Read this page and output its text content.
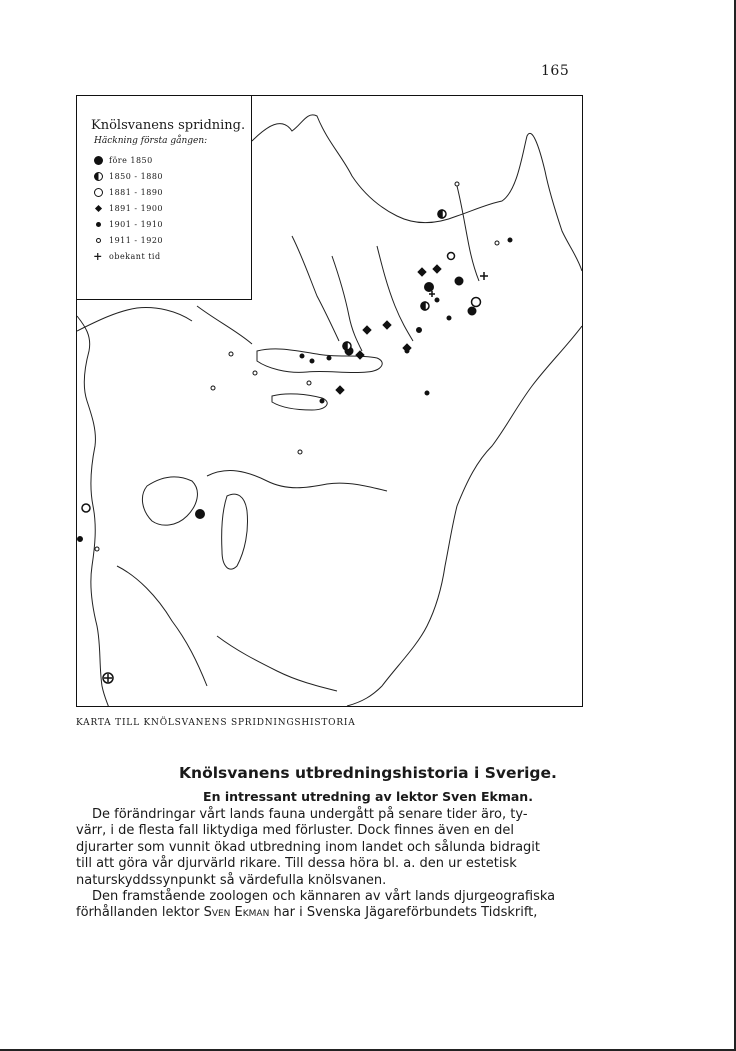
165
Knölsvanens spridning.
Häckning första gången:
före 1850
1850 - 1880
1881 - 1890
1891 - 1900
1901 - 1910
1911 - 1920
+ obekant tid
KARTA TILL KNÖLSVANENS SPRIDNINGSHISTORIA
Knölsvanens utbredningshistoria i Sverige.
En intressant utredning av lektor Sven Ekman.

De förändringar vårt lands fauna undergått på senare tider äro, ty-
värr, i de flesta fall liktydiga med förluster. Dock finnes även en del
djurarter som vunnit ökad utbredning inom landet och sålunda bidragit
till att göra vår djurvärld rikare. Till dessa höra bl. a. den ur estetisk
naturskyddssynpunkt så värdefulla knölsvanen.

Den framstående zoologen och kännaren av vårt lands djurgeografiska
förhållanden lektor Sven Ekman har i Svenska Jägareförbundets Tidskrift,
